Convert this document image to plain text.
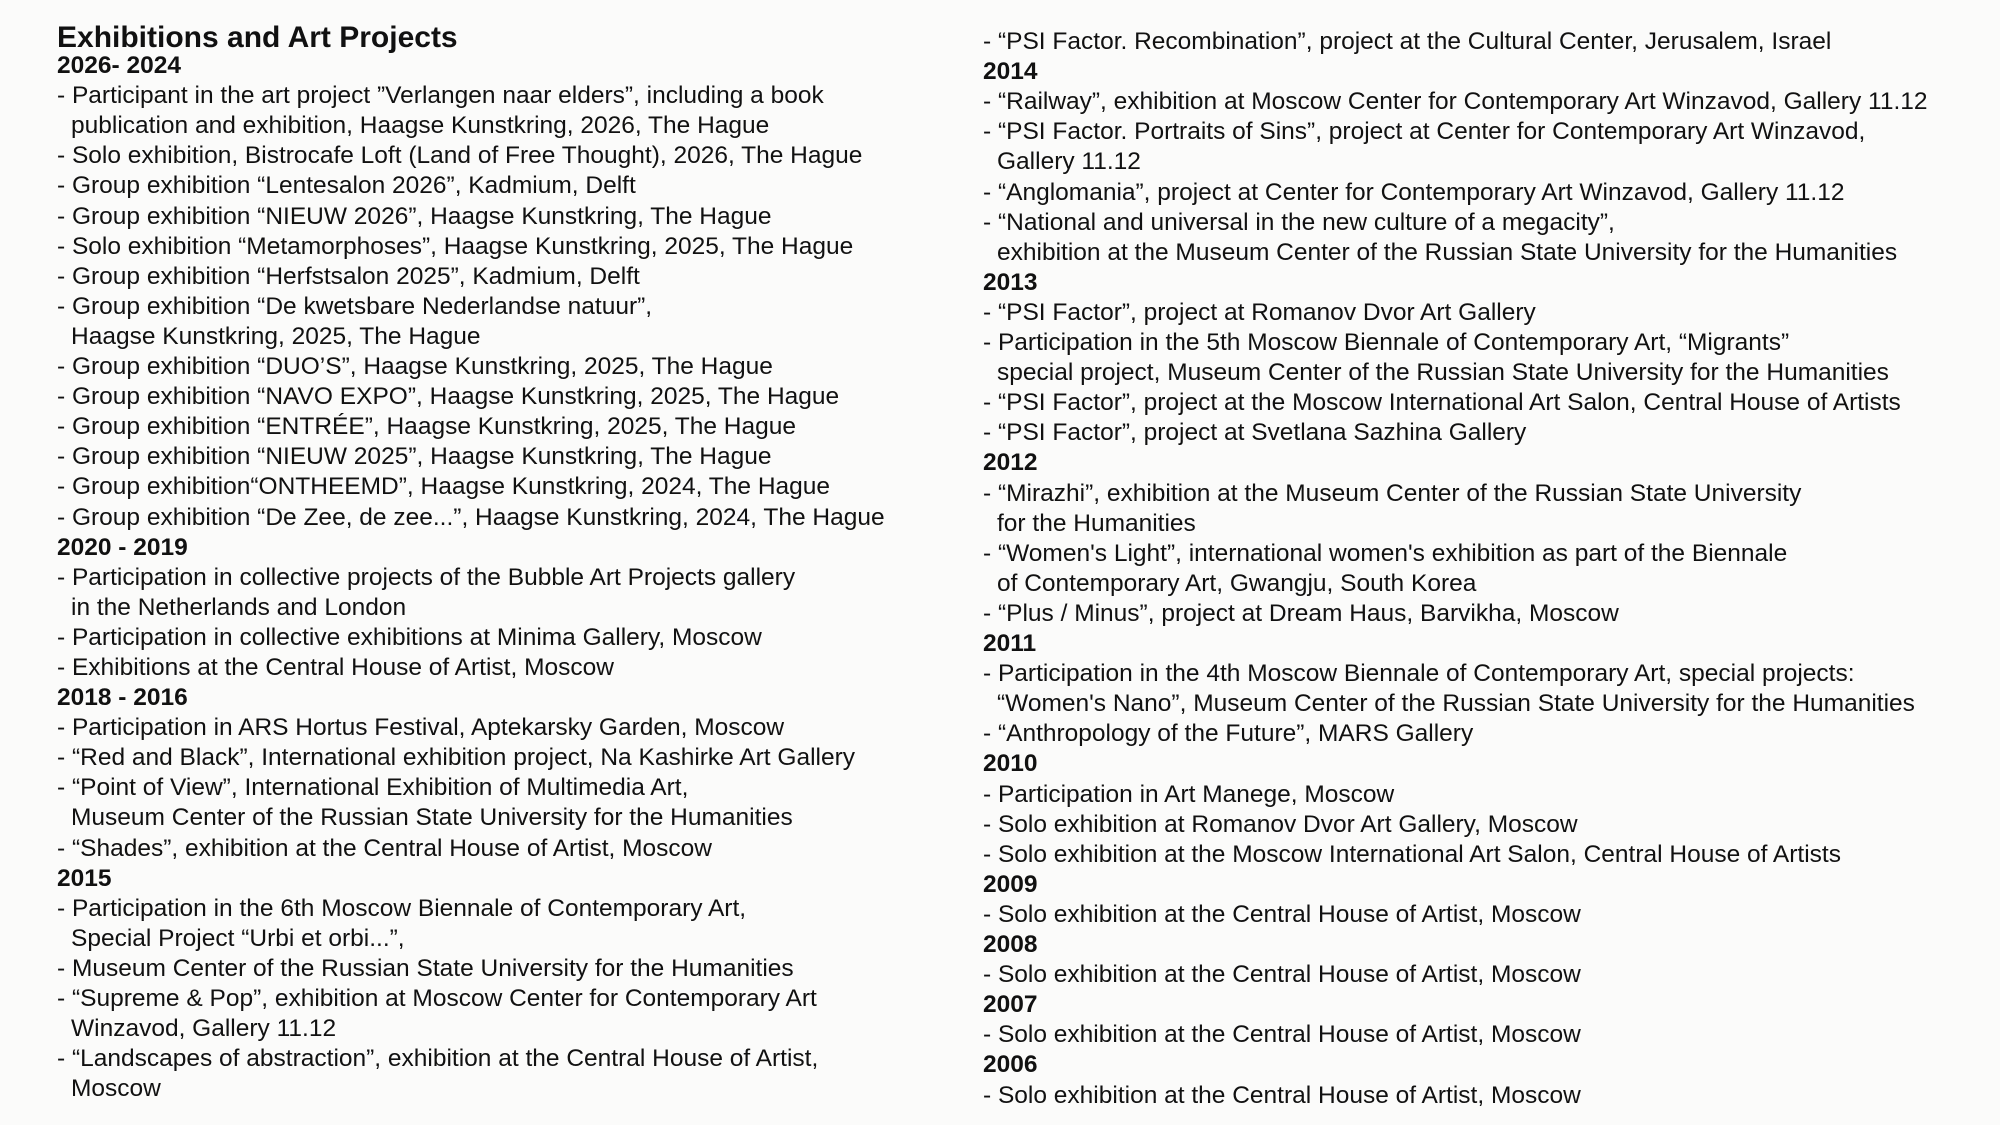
Exhibitions and Art Projects
2026- 2024
- Participant in the art project ”Verlangen naar elders”, including a book
publication and exhibition, Haagse Kunstkring, 2026, The Hague
- Solo exhibition, Bistrocafe Loft (Land of Free Thought), 2026, The Hague
- Group exhibition “Lentesalon 2026”, Kadmium, Delft
- Group exhibition “NIEUW 2026”, Haagse Kunstkring, The Hague
- Solo exhibition “Metamorphoses”, Haagse Kunstkring, 2025, The Hague
- Group exhibition “Herfstsalon 2025”, Kadmium, Delft
- Group exhibition “De kwetsbare Nederlandse natuur”,
Haagse Kunstkring, 2025, The Hague
- Group exhibition “DUO’S”, Haagse Kunstkring, 2025, The Hague
- Group exhibition “NAVO EXPO”, Haagse Kunstkring, 2025, The Hague
- Group exhibition “ENTRÉE”, Haagse Kunstkring, 2025, The Hague
- Group exhibition “NIEUW 2025”, Haagse Kunstkring, The Hague
- Group exhibition“ONTHEEMD”, Haagse Kunstkring, 2024, The Hague
- Group exhibition “De Zee, de zee...”, Haagse Kunstkring, 2024, The Hague
2020 - 2019
- Participation in collective projects of the Bubble Art Projects gallery
in the Netherlands and London
- Participation in collective exhibitions at Minima Gallery, Moscow
- Exhibitions at the Central House of Artist, Moscow
2018 - 2016
- Participation in ARS Hortus Festival, Aptekarsky Garden, Moscow
- “Red and Black”, International exhibition project, Na Kashirke Art Gallery
- “Point of View”, International Exhibition of Multimedia Art,
Museum Center of the Russian State University for the Humanities
- “Shades”, exhibition at the Central House of Artist, Moscow
2015
- Participation in the 6th Moscow Biennale of Contemporary Art,
Special Project “Urbi et orbi...”,
- Museum Center of the Russian State University for the Humanities
- “Supreme & Pop”, exhibition at Moscow Center for Contemporary Art
Winzavod, Gallery 11.12
- “Landscapes of abstraction”, exhibition at the Central House of Artist,
Moscow
- “PSI Factor. Recombination”, project at the Cultural Center, Jerusalem, Israel
2014
- “Railway”, exhibition at Moscow Center for Contemporary Art Winzavod, Gallery 11.12
- “PSI Factor. Portraits of Sins”, project at Center for Contemporary Art Winzavod,
Gallery 11.12
- “Anglomania”, project at Center for Contemporary Art Winzavod, Gallery 11.12
- “National and universal in the new culture of a megacity”,
exhibition at the Museum Center of the Russian State University for the Humanities
2013
- “PSI Factor”, project at Romanov Dvor Art Gallery
- Participation in the 5th Moscow Biennale of Contemporary Art, “Migrants”
special project, Museum Center of the Russian State University for the Humanities
- “PSI Factor”, project at the Moscow International Art Salon, Central House of Artists
- “PSI Factor”, project at Svetlana Sazhina Gallery
2012
- “Mirazhi”, exhibition at the Museum Center of the Russian State University
for the Humanities
- “Women's Light”, international women's exhibition as part of the Biennale
of Contemporary Art, Gwangju, South Korea
- “Plus / Minus”, project at Dream Haus, Barvikha, Moscow
2011
- Participation in the 4th Moscow Biennale of Contemporary Art, special projects:
“Women's Nano”, Museum Center of the Russian State University for the Humanities
- “Anthropology of the Future”, MARS Gallery
2010
- Participation in Art Manege, Moscow
- Solo exhibition at Romanov Dvor Art Gallery, Moscow
- Solo exhibition at the Moscow International Art Salon, Central House of Artists
2009
- Solo exhibition at the Central House of Artist, Moscow
2008
- Solo exhibition at the Central House of Artist, Moscow
2007
- Solo exhibition at the Central House of Artist, Moscow
2006
- Solo exhibition at the Central House of Artist, Moscow
